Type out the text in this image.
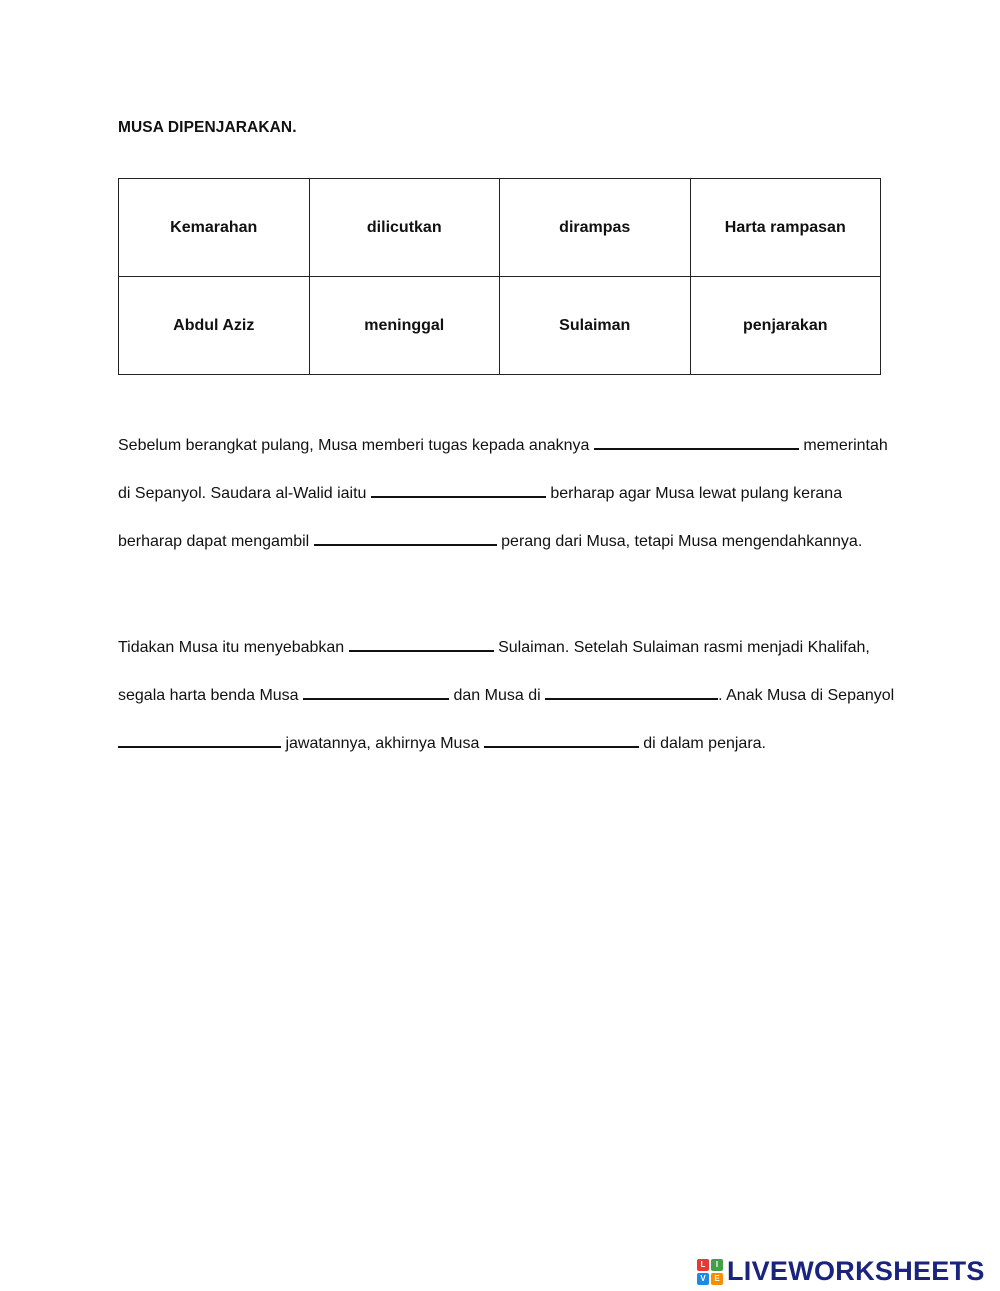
MUSA DIPENJARAKAN.
Kemarahan	dilicutkan	dirampas	Harta rampasan
Abdul Aziz	meninggal	Sulaiman	penjarakan
Sebelum berangkat pulang, Musa memberi tugas kepada anaknya	memerintah di Sepanyol. Saudara al-Walid iaitu	berharap agar Musa lewat pulang kerana berharap dapat mengambil	perang dari Musa, tetapi Musa mengendahkannya.
Tidakan Musa itu menyebabkan	Sulaiman. Setelah Sulaiman rasmi menjadi Khalifah, segala harta benda Musa	dan Musa di	. Anak Musa di Sepanyol  jawatannya, akhirnya Musa	di dalam penjara.
L	I
V	E LIVEWORKSHEETS
